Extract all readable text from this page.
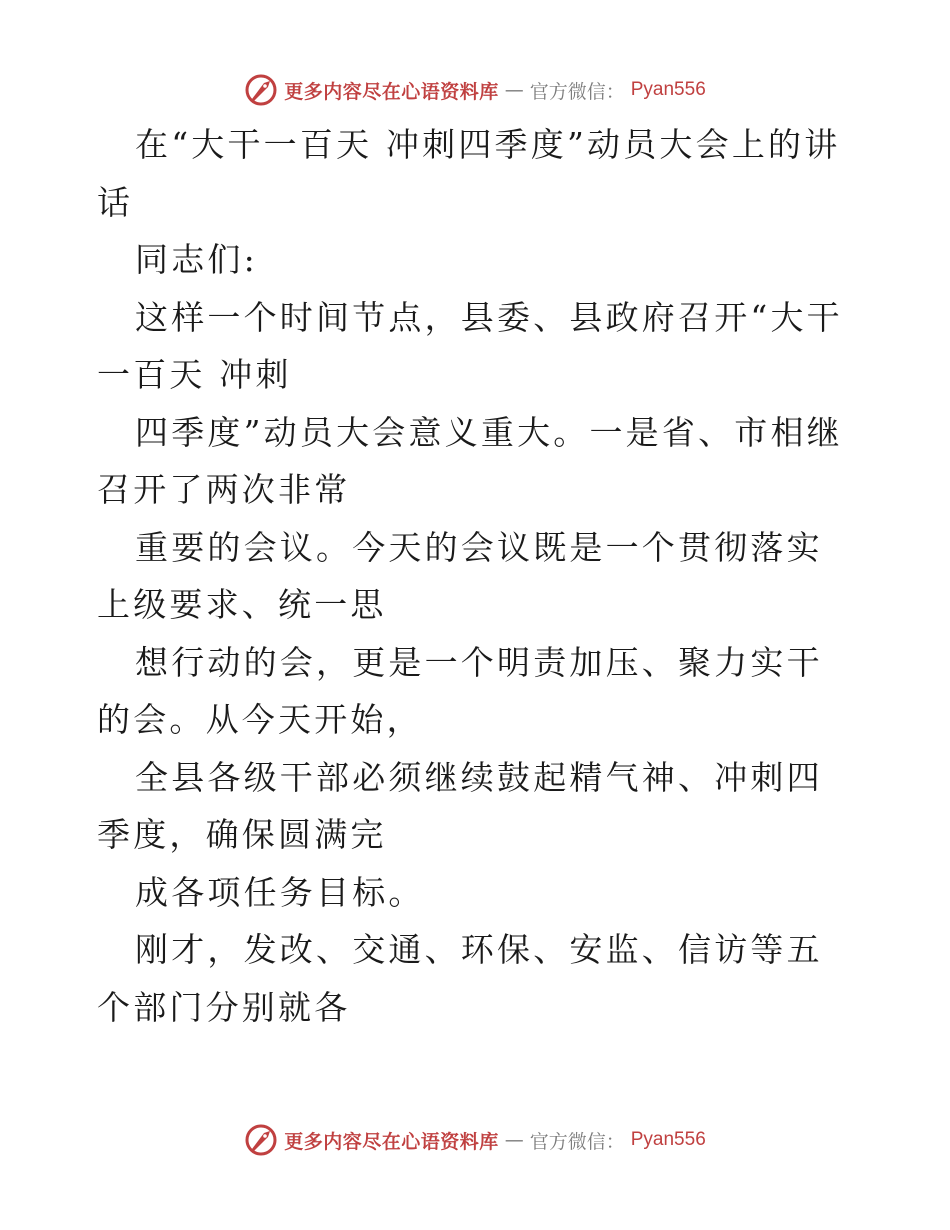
更多内容尽在心语资料库 — 官方微信： Pyan556

在“大干一百天 冲刺四季度”动员大会上的讲话

同志们:

这样一个时间节点，县委、县政府召开“大干一百天 冲刺

四季度”动员大会意义重大。一是省、市相继召开了两次非常

重要的会议。今天的会议既是一个贯彻落实上级要求、统一思

想行动的会，更是一个明责加压、聚力实干的会。从今天开始，

全县各级干部必须继续鼓起精气神、冲刺四季度，确保圆满完

成各项任务目标。

刚才，发改、交通、环保、安监、信访等五个部门分别就各

更多内容尽在心语资料库 — 官方微信： Pyan556
